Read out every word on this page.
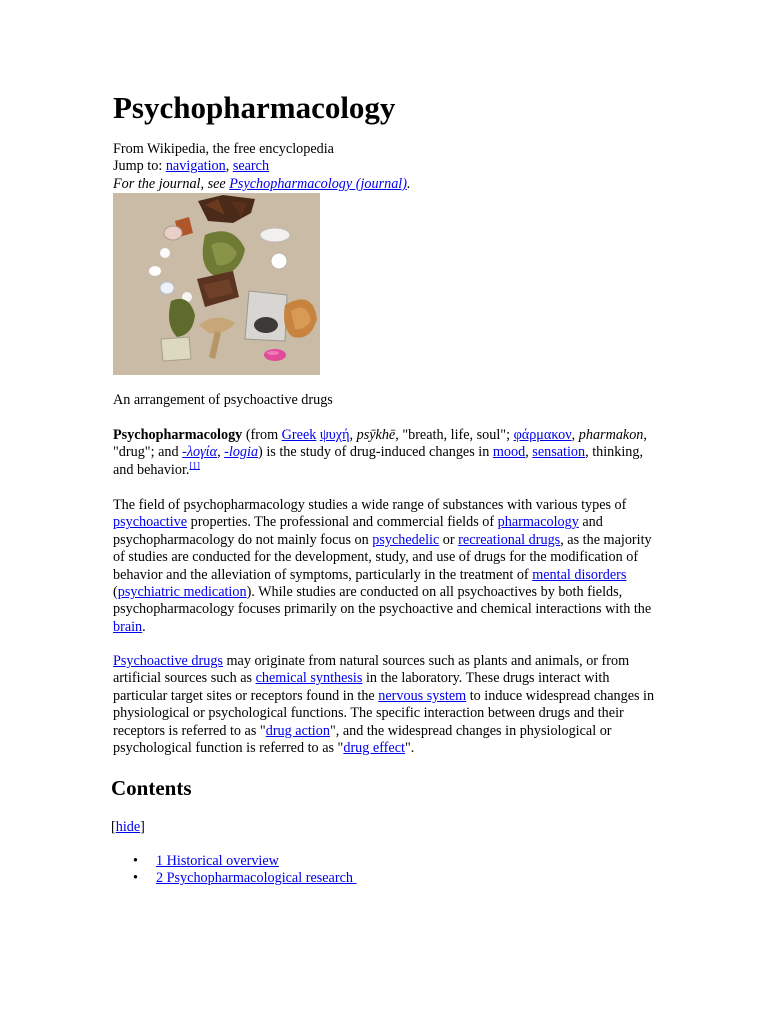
Psychopharmacology
From Wikipedia, the free encyclopedia
Jump to: navigation, search
For the journal, see Psychopharmacology (journal).
An arrangement of psychoactive drugs

Psychopharmacology (from Greek ψυχή, psȳkhē, "breath, life, soul"; φάρμακον, pharmakon, "drug"; and -λογία, -logia) is the study of drug-induced changes in mood, sensation, thinking, and behavior.[1]

The field of psychopharmacology studies a wide range of substances with various types of psychoactive properties. The professional and commercial fields of pharmacology and psychopharmacology do not mainly focus on psychedelic or recreational drugs, as the majority of studies are conducted for the development, study, and use of drugs for the modification of behavior and the alleviation of symptoms, particularly in the treatment of mental disorders (psychiatric medication). While studies are conducted on all psychoactives by both fields, psychopharmacology focuses primarily on the psychoactive and chemical interactions with the brain.

Psychoactive drugs may originate from natural sources such as plants and animals, or from artificial sources such as chemical synthesis in the laboratory. These drugs interact with particular target sites or receptors found in the nervous system to induce widespread changes in physiological or psychological functions. The specific interaction between drugs and their receptors is referred to as "drug action", and the widespread changes in physiological or psychological function is referred to as "drug effect".

Contents
[hide]
• 1 Historical overview
• 2 Psychopharmacological research
